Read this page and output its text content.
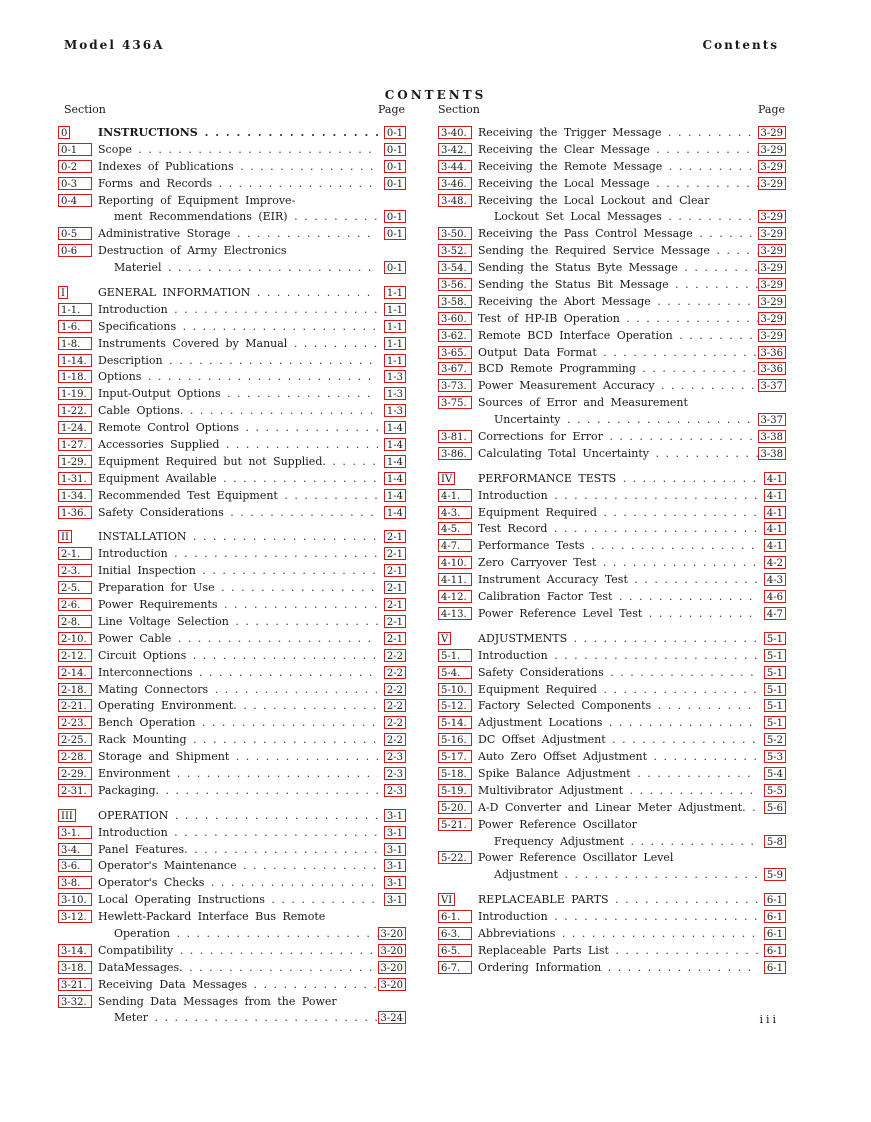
Model 436A	Contents
CONTENTS
Section	Page	Section	Page
0	INSTRUCTIONS . . .	0-1
0-1	Scope . . .	0-1
0-2	Indexes of Publications . . .	0-1
0-3	Forms and Records . . .	0-1
0-4	Reporting of Equipment Improve-
ment Recommendations (EIR) . . .	0-1
0-5	Administrative Storage . . .	0-1
0-6	Destruction of Army Electronics
Materiel . . .	0-1
I	GENERAL INFORMATION . . .	1-1
1-1.	Introduction . . .	1-1
1-6.	Specifications . . .	1-1
1-8.	Instruments Covered by Manual . . .	1-1
1-14.	Description . . .	1-1
1-18.	Options . . .	1-3
1-19.	Input-Output Options . . .	1-3
1-22.	Cable Options. . . .	1-3
1-24.	Remote Control Options . . .	1-4
1-27.	Accessories Supplied . . .	1-4
1-29.	Equipment Required but not Supplied. . . .	1-4
1-31.	Equipment Available . . .	1-4
1-34.	Recommended Test Equipment . . .	1-4
1-36.	Safety Considerations . . .	1-4
II	INSTALLATION . . .	2-1
2-1.	Introduction . . .	2-1
2-3.	Initial Inspection . . .	2-1
2-5.	Preparation for Use . . .	2-1
2-6.	Power Requirements . . .	2-1
2-8.	Line Voltage Selection . . .	2-1
2-10.	Power Cable . . .	2-1
2-12.	Circuit Options . . .	2-2
2-14.	Interconnections . . .	2-2
2-18.	Mating Connectors . . .	2-2
2-21.	Operating Environment. . . .	2-2
2-23.	Bench Operation . . .	2-2
2-25.	Rack Mounting . . .	2-2
2-28.	Storage and Shipment . . .	2-3
2-29.	Environment . . .	2-3
2-31.	Packaging. . . .	2-3
III OPERATION . . .	3-1
3-1.	Introduction . . .	3-1
3-4.	Panel Features. . . .	3-1
3-6.	Operator's Maintenance . . .	3-1
3-8.	Operator's Checks . . .	3-1
3-10.	Local Operating Instructions . . .	3-1
3-12.	Hewlett-Packard Interface Bus Remote
Operation . . .	3-20
3-14.	Compatibility . . .	3-20
3-18.	DataMessages. . . .	3-20
3-21.	Receiving Data Messages . . .	3-20
3-32.	Sending Data Messages from the Power
Meter . . .	3-24
3-40.	Receiving the Trigger Message . . .	3-29
3-42.	Receiving the Clear Message . . .	3-29
3-44.	Receiving the Remote Message . . .	3-29
3-46.	Receiving the Local Message . . .	3-29
3-48.	Receiving the Local Lockout and Clear
Lockout Set Local Messages . . .	3-29
3-50.	Receiving the Pass Control Message . . .	3-29
3-52.	Sending the Required Service Message . . .	3-29
3-54.	Sending the Status Byte Message . . .	3-29
3-56.	Sending the Status Bit Message . . .	3-29
3-58.	Receiving the Abort Message . . .	3-29
3-60.	Test of HP-IB Operation . . .	3-29
3-62.	Remote BCD Interface Operation . . .	3-29
3-65.	Output Data Format . . .	3-36
3-67.	BCD Remote Programming . . .	3-36
3-73.	Power Measurement Accuracy . . .	3-37
3-75.	Sources of Error and Measurement
Uncertainty . . .	3-37
3-81.	Corrections for Error . . .	3-38
3-86.	Calculating Total Uncertainty . . .	3-38
IV PERFORMANCE TESTS . . .	4-1
4-1.	Introduction . . .	4-1
4-3.	Equipment Required . . .	4-1
4-5.	Test Record . . .	4-1
4-7.	Performance Tests . . .	4-1
4-10.	Zero Carryover Test . . .	4-2
4-11.	Instrument Accuracy Test . . .	4-3
4-12.	Calibration Factor Test . . .	4-6
4-13.	Power Reference Level Test . . .	4-7
V	ADJUSTMENTS . . .	5-1
5-1.	Introduction . . .	5-1
5-4.	Safety Considerations . . .	5-1
5-10.	Equipment Required . . .	5-1
5-12.	Factory Selected Components . . .	5-1
5-14.	Adjustment Locations . . .	5-1
5-16.	DC Offset Adjustment . . .	5-2
5-17.	Auto Zero Offset Adjustment . . .	5-3
5-18.	Spike Balance Adjustment . . .	5-4
5-19.	Multivibrator Adjustment . . .	5-5
5-20.	A-D Converter and Linear Meter Adjustment. . . .	5-6
5-21.	Power Reference Oscillator
Frequency Adjustment . . .	5-8
5-22.	Power Reference Oscillator Level
Adjustment . . .	5-9
VI REPLACEABLE PARTS . . .	6-1
6-1.	Introduction . . .	6-1
6-3.	Abbreviations . . .	6-1
6-5.	Replaceable Parts List . . .	6-1
6-7.	Ordering Information . . .	6-1
iii
